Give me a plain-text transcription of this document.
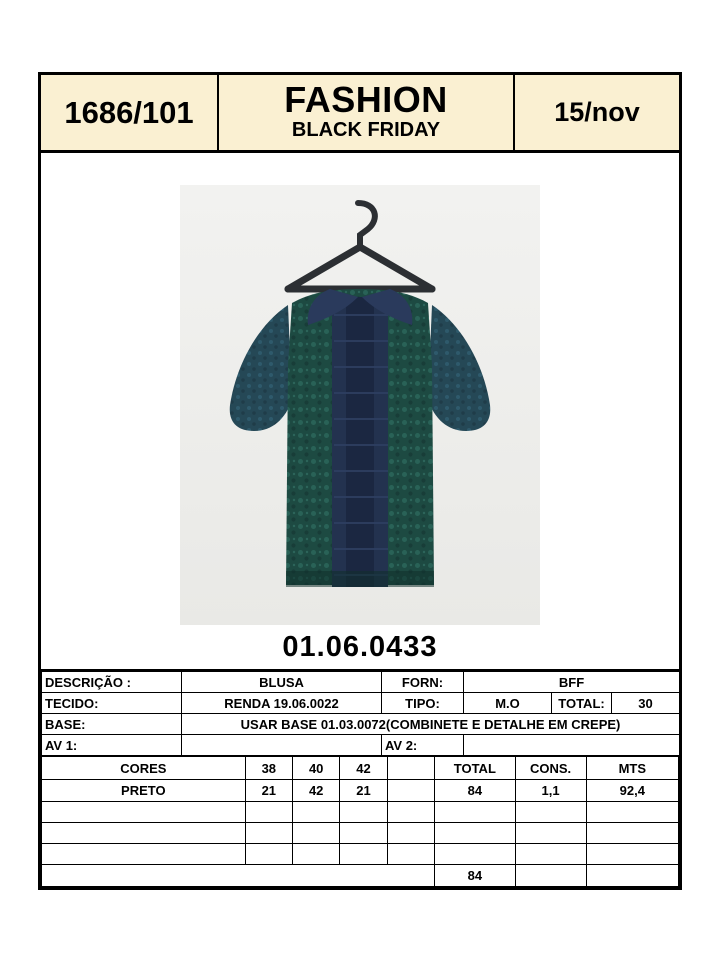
1686/101	FASHION
BLACK FRIDAY
15/nov
01.06.0433
DESCRIÇÃO :	BLUSA	FORN:	BFF		
TECIDO:	RENDA 19.06.0022	TIPO:	M.O	TOTAL:	30
BASE:	USAR BASE 01.03.0072(COMBINETE E DETALHE EM CREPE)				
AV 1:		AV 2:			
CORES	38	40	42		TOTAL	CONS.	MTS
PRETO	21	42	21		84	1,1	92,4

					84		
